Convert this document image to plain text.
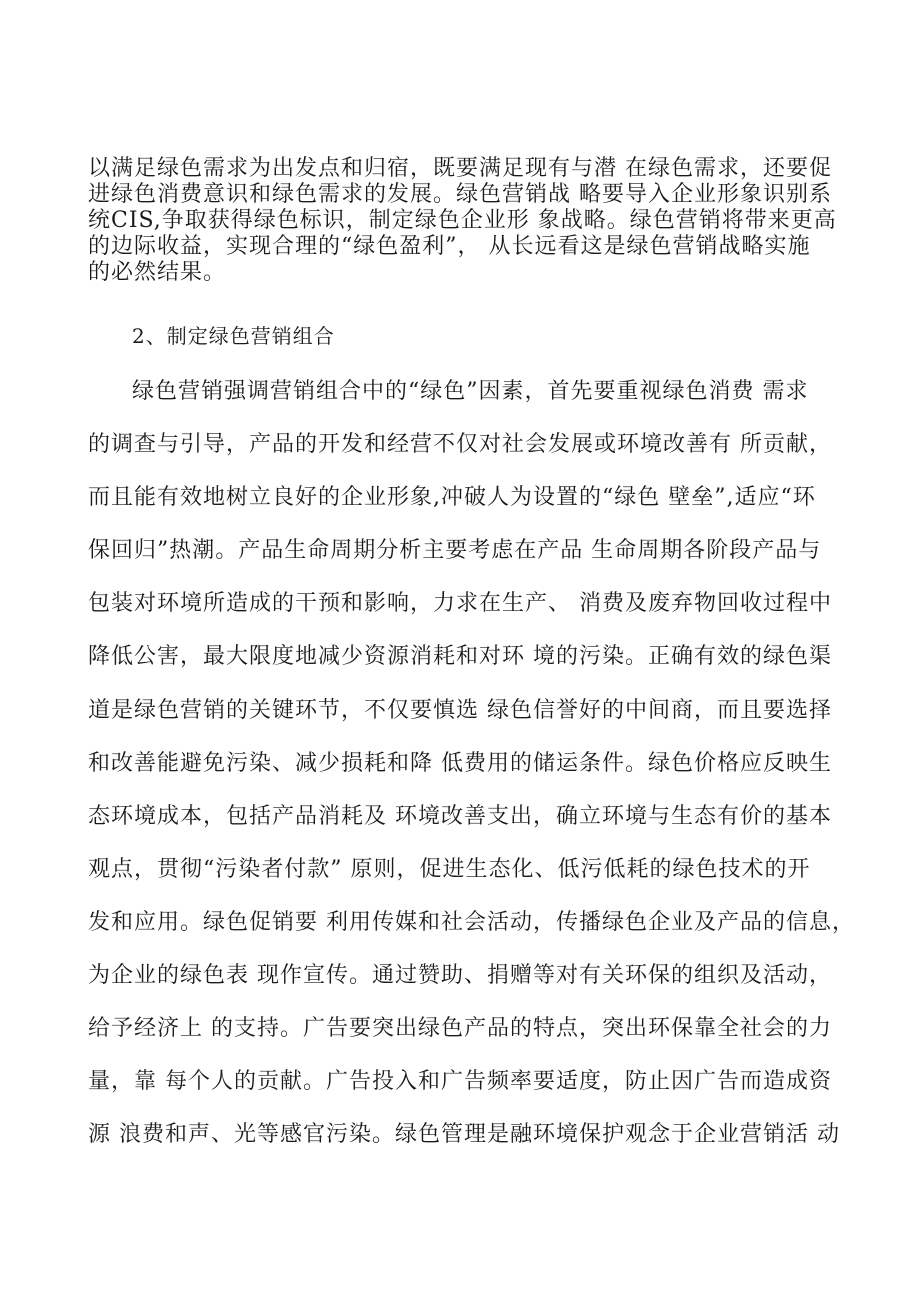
以满足绿色需求为出发点和归宿，既要满足现有与潜 在绿色需求，还要促
进绿色消费意识和绿色需求的发展。绿色营销战 略要导入企业形象识别系
统CIS,争取获得绿色标识，制定绿色企业形 象战略。绿色营销将带来更高
的边际收益，实现合理的“绿色盈利”， 从长远看这是绿色营销战略实施
的必然结果。
2、制定绿色营销组合
绿色营销强调营销组合中的“绿色”因素，首先要重视绿色消费 需求
的调查与引导，产品的开发和经营不仅对社会发展或环境改善有 所贡献，
而且能有效地树立良好的企业形象,冲破人为设置的“绿色 壁垒”,适应“环
保回归”热潮。产品生命周期分析主要考虑在产品 生命周期各阶段产品与
包装对环境所造成的干预和影响，力求在生产、 消费及废弃物回收过程中
降低公害，最大限度地减少资源消耗和对环 境的污染。正确有效的绿色渠
道是绿色营销的关键环节，不仅要慎选 绿色信誉好的中间商，而且要选择
和改善能避免污染、减少损耗和降 低费用的储运条件。绿色价格应反映生
态环境成本，包括产品消耗及 环境改善支出，确立环境与生态有价的基本
观点，贯彻“污染者付款” 原则，促进生态化、低污低耗的绿色技术的开
发和应用。绿色促销要 利用传媒和社会活动，传播绿色企业及产品的信息，
为企业的绿色表 现作宣传。通过赞助、捐赠等对有关环保的组织及活动，
给予经济上 的支持。广告要突出绿色产品的特点，突出环保靠全社会的力
量，靠 每个人的贡献。广告投入和广告频率要适度，防止因广告而造成资
源 浪费和声、光等感官污染。绿色管理是融环境保护观念于企业营销活 动
